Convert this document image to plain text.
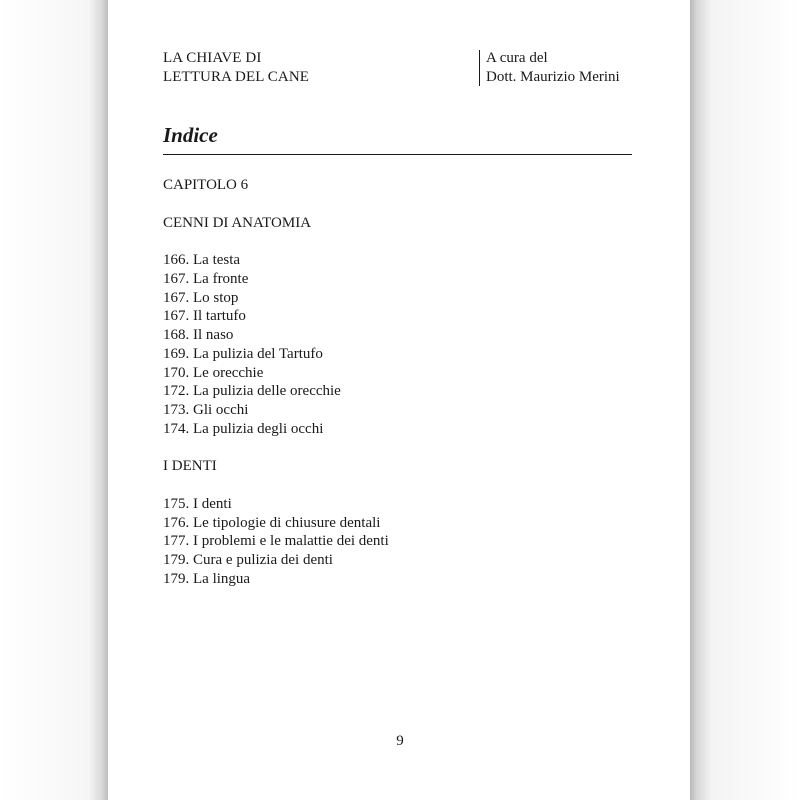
LA CHIAVE DI
LETTURA DEL CANE
A cura del
Dott. Maurizio Merini
Indice
CAPITOLO 6
CENNI DI ANATOMIA
166. La testa
167. La fronte
167. Lo stop
167. Il tartufo
168. Il naso
169. La pulizia del Tartufo
170. Le orecchie
172. La pulizia delle orecchie
173. Gli occhi
174. La pulizia degli occhi
I DENTI
175. I denti
176. Le tipologie di chiusure dentali
177. I problemi e le malattie dei denti
179. Cura e pulizia dei denti
179. La lingua
9
